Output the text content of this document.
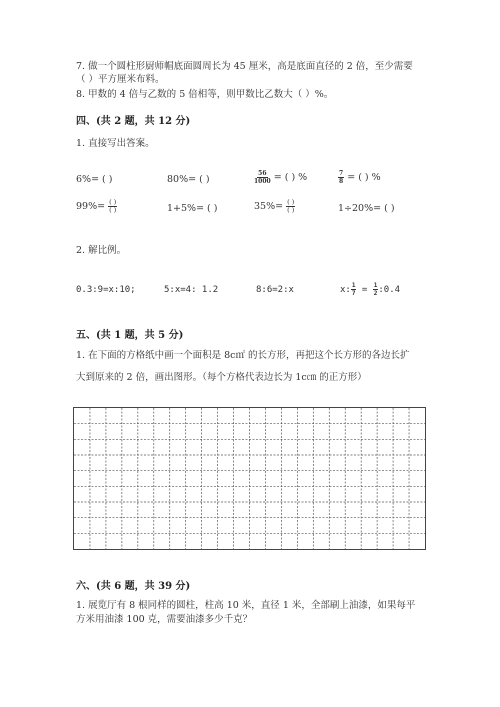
7. 做一个圆柱形厨师帽底面圆周长为 45 厘米，高是底面直径的 2 倍，至少需要
（ ）平方厘米布料。
8. 甲数的 4 倍与乙数的 5 倍相等，则甲数比乙数大（ ）%。
四、(共 2 题，共 12 分)
1. 直接写出答案。
6%= ( )	80%= ( )	$\frac{56}{1000}$ = ( ) %	$\frac{7}{8}$ = ( ) %
$99\%= \frac{( )}{( )}$	1+5%= ( )	$35\%= \frac{( )}{( )}$	1÷20%= ( )
2. 解比例。
0.3:9=x:10;	5:x=4: 1.2	8:6=2:x	x: $\frac{1}{7} = \frac{1}{2}$ :0.4
五、(共 1 题，共 5 分)
1. 在下面的方格纸中画一个面积是 8c㎡ 的长方形，再把这个长方形的各边长扩
大到原来的 2 倍，画出图形。（每个方格代表边长为 1c㎝ 的正方形）
六、(共 6 题，共 39 分)
1. 展览厅有 8 根同样的圆柱，柱高 10 米，直径 1 米，全部刷上油漆，如果每平
方米用油漆 100 克，需要油漆多少千克？
